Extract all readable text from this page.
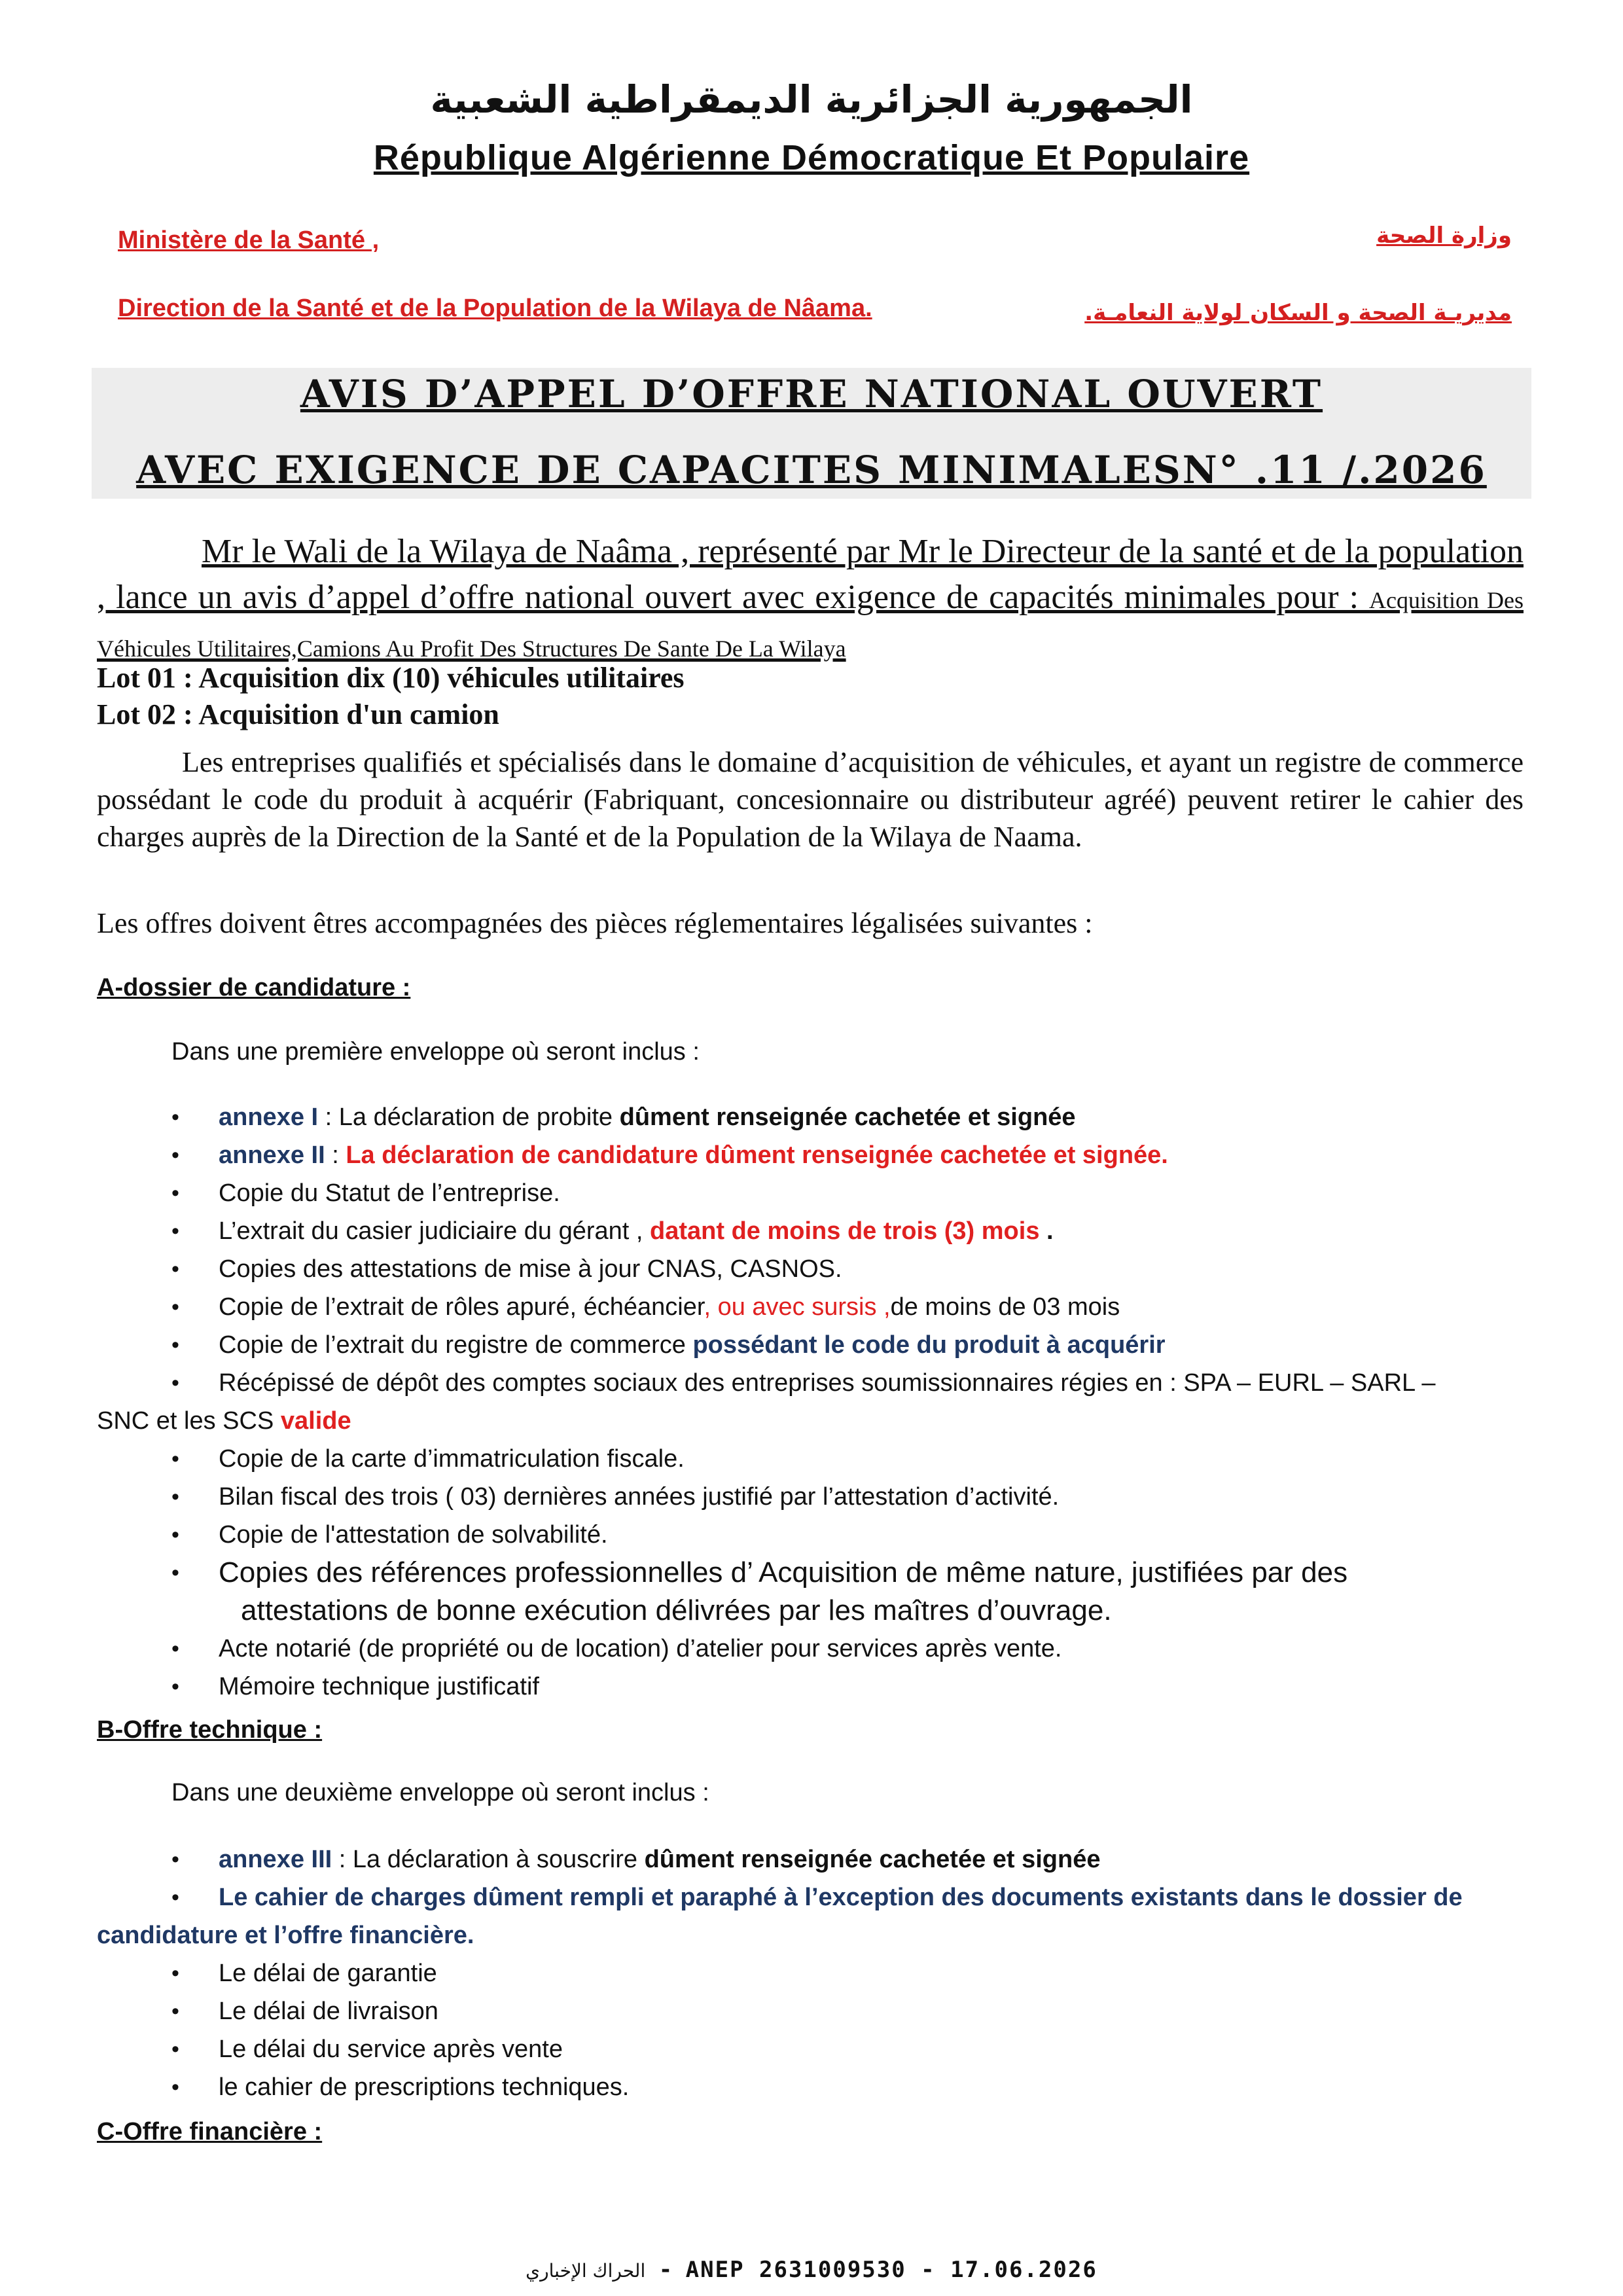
الجمهورية الجزائرية الديمقراطية الشعبية
République Algérienne Démocratique Et Populaire
Ministère de la Santé ,	وزارة الصحة
Direction de la Santé et de la Population de la Wilaya de Nâama.	مديريـة الصحة و السكان لولاية النعامـة.
AVIS D’APPEL D’OFFRE NATIONAL OUVERT
AVEC EXIGENCE DE CAPACITES MINIMALESN° .11 /.2026
Mr le Wali de la Wilaya de Naâma , représenté par Mr le Directeur de la santé et de la population , lance un avis d’appel d’offre national ouvert avec exigence de capacités minimales pour : Acquisition Des Véhicules Utilitaires,Camions Au Profit Des Structures De Sante De La Wilaya
Lot 01 : Acquisition dix (10) véhicules utilitaires
Lot 02 : Acquisition d'un camion
Les entreprises qualifiés et spécialisés dans le domaine d’acquisition de véhicules, et ayant un registre de commerce possédant le code du produit à acquérir (Fabriquant, concesionnaire ou distributeur agréé) peuvent retirer le cahier des charges auprès de la Direction de la Santé et de la Population de la Wilaya de Naama.
Les offres doivent êtres accompagnées des pièces réglementaires légalisées suivantes :
A-dossier de candidature :
Dans une première enveloppe où seront inclus :
• annexe I : La déclaration de probite dûment renseignée cachetée et signée
• annexe II : La déclaration de candidature dûment renseignée cachetée et signée.
• Copie du Statut de l’entreprise.
• L’extrait du casier judiciaire du gérant , datant de moins de trois (3) mois .
• Copies des attestations de mise à jour CNAS, CASNOS.
• Copie de l’extrait de rôles apuré, échéancier, ou avec sursis ,de moins de 03 mois
• Copie de l’extrait du registre de commerce possédant le code du produit à acquérir
• Récépissé de dépôt des comptes sociaux des entreprises soumissionnaires régies en : SPA – EURL – SARL –
SNC et les SCS valide
• Copie de la carte d’immatriculation fiscale.
• Bilan fiscal des trois ( 03) dernières années justifié par l’attestation d’activité.
• Copie de l'attestation de solvabilité.
• Copies des références professionnelles d’ Acquisition de même nature, justifiées par des
attestations de bonne exécution délivrées par les maîtres d’ouvrage.
• Acte notarié (de propriété ou de location) d’atelier pour services après vente.
• Mémoire technique justificatif
B-Offre technique :
Dans une deuxième enveloppe où seront inclus :
• annexe III : La déclaration à souscrire dûment renseignée cachetée et signée
• Le cahier de charges dûment rempli et paraphé à l’exception des documents existants dans le dossier de
candidature et l’offre financière.
• Le délai de garantie
• Le délai de livraison
• Le délai du service après vente
• le cahier de prescriptions techniques.
C-Offre financière :
الحراك الإخباري - ANEP 2631009530 - 17.06.2026
